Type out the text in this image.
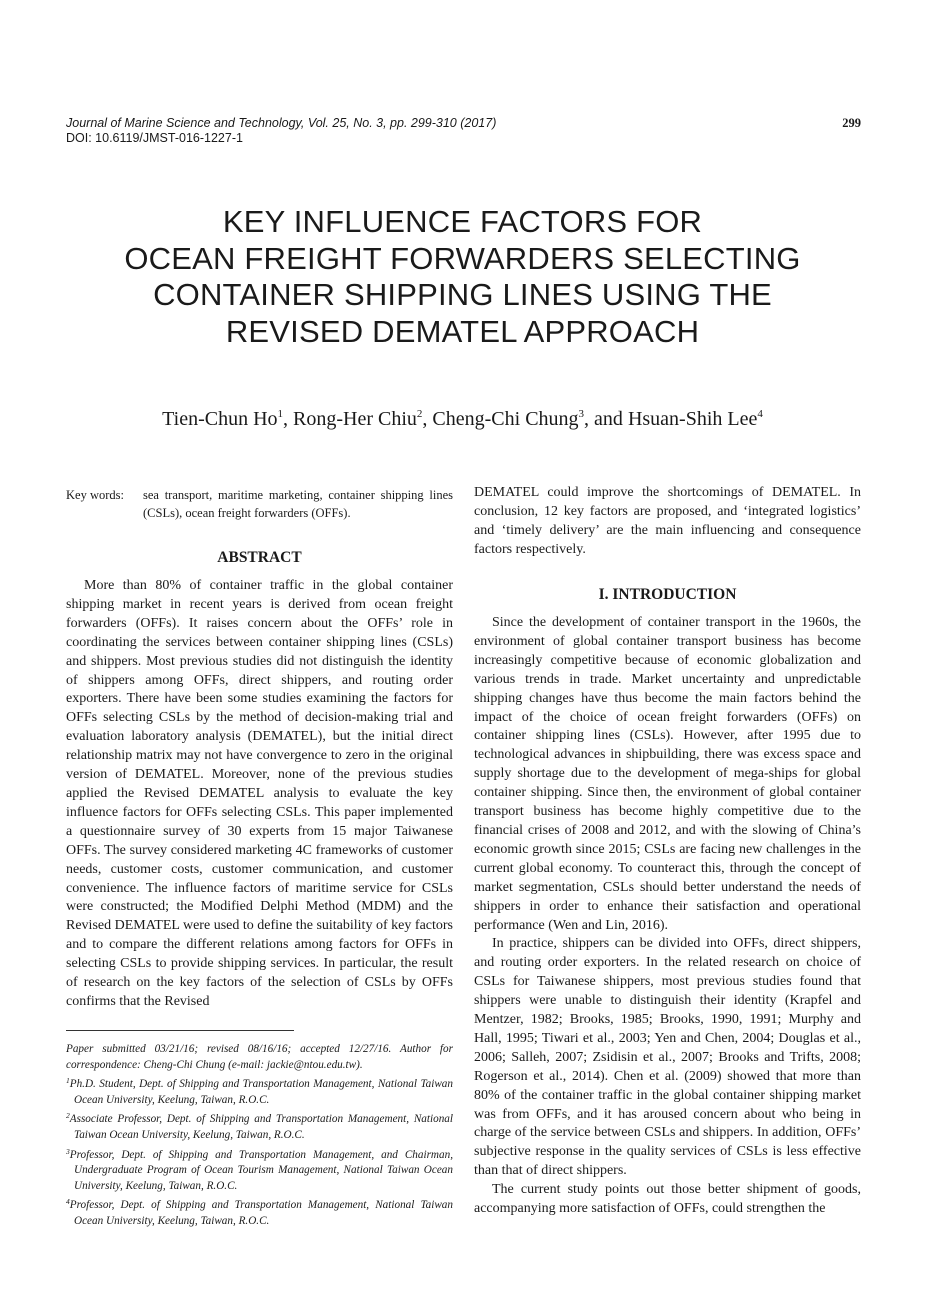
Journal of Marine Science and Technology, Vol. 25, No. 3, pp. 299-310 (2017)
DOI: 10.6119/JMST-016-1227-1
299
KEY INFLUENCE FACTORS FOR
OCEAN FREIGHT FORWARDERS SELECTING
CONTAINER SHIPPING LINES USING THE
REVISED DEMATEL APPROACH
Tien-Chun Ho$^1$, Rong-Her Chiu$^2$, Cheng-Chi Chung$^3$, and Hsuan-Shih Lee$^4$
Key words: sea transport, maritime marketing, container shipping lines (CSLs), ocean freight forwarders (OFFs).
ABSTRACT

More than 80% of container traffic in the global container shipping market in recent years is derived from ocean freight forwarders (OFFs). It raises concern about the OFFs’ role in coordinating the services between container shipping lines (CSLs) and shippers. Most previous studies did not distinguish the identity of shippers among OFFs, direct shippers, and routing order exporters. There have been some studies examining the factors for OFFs selecting CSLs by the method of decision-making trial and evaluation laboratory analysis (DEMATEL), but the initial direct relationship matrix may not have convergence to zero in the original version of DEMATEL. Moreover, none of the previous studies applied the Revised DEMATEL analysis to evaluate the key influence factors for OFFs selecting CSLs. This paper implemented a questionnaire survey of 30 experts from 15 major Taiwanese OFFs. The survey considered marketing 4C frameworks of customer needs, customer costs, customer communication, and customer convenience. The influence factors of maritime service for CSLs were constructed; the Modified Delphi Method (MDM) and the Revised DEMATEL were used to define the suitability of key factors and to compare the different relations among factors for OFFs in selecting CSLs to provide shipping services. In particular, the result of research on the key factors of the selection of CSLs by OFFs confirms that the Revised

Paper submitted 03/21/16; revised 08/16/16; accepted 12/27/16. Author for correspondence: Cheng-Chi Chung (e-mail: jackie@ntou.edu.tw).

$^1$Ph.D. Student, Dept. of Shipping and Transportation Management, National Taiwan Ocean University, Keelung, Taiwan, R.O.C.

$^2$Associate Professor, Dept. of Shipping and Transportation Management, National Taiwan Ocean University, Keelung, Taiwan, R.O.C.

$^3$Professor, Dept. of Shipping and Transportation Management, and Chairman, Undergraduate Program of Ocean Tourism Management, National Taiwan Ocean University, Keelung, Taiwan, R.O.C.

$^4$Professor, Dept. of Shipping and Transportation Management, National Taiwan Ocean University, Keelung, Taiwan, R.O.C.

DEMATEL could improve the shortcomings of DEMATEL. In conclusion, 12 key factors are proposed, and ‘integrated logistics’ and ‘timely delivery’ are the main influencing and consequence factors respectively.

I. INTRODUCTION

Since the development of container transport in the 1960s, the environment of global container transport business has become increasingly competitive because of economic globalization and various trends in trade. Market uncertainty and unpredictable shipping changes have thus become the main factors behind the impact of the choice of ocean freight forwarders (OFFs) on container shipping lines (CSLs). However, after 1995 due to technological advances in shipbuilding, there was excess space and supply shortage due to the development of mega-ships for global container shipping. Since then, the environment of global container transport business has become highly competitive due to the financial crises of 2008 and 2012, and with the slowing of China’s economic growth since 2015; CSLs are facing new challenges in the current global economy. To counteract this, through the concept of market segmentation, CSLs should better understand the needs of shippers in order to enhance their satisfaction and operational performance (Wen and Lin, 2016).

In practice, shippers can be divided into OFFs, direct shippers, and routing order exporters. In the related research on choice of CSLs for Taiwanese shippers, most previous studies found that shippers were unable to distinguish their identity (Krapfel and Mentzer, 1982; Brooks, 1985; Brooks, 1990, 1991; Murphy and Hall, 1995; Tiwari et al., 2003; Yen and Chen, 2004; Douglas et al., 2006; Salleh, 2007; Zsidisin et al., 2007; Brooks and Trifts, 2008; Rogerson et al., 2014). Chen et al. (2009) showed that more than 80% of the container traffic in the global container shipping market was from OFFs, and it has aroused concern about who being in charge of the service between CSLs and shippers. In addition, OFFs’ subjective response in the quality services of CSLs is less effective than that of direct shippers.

The current study points out those better shipment of goods, accompanying more satisfaction of OFFs, could strengthen the
